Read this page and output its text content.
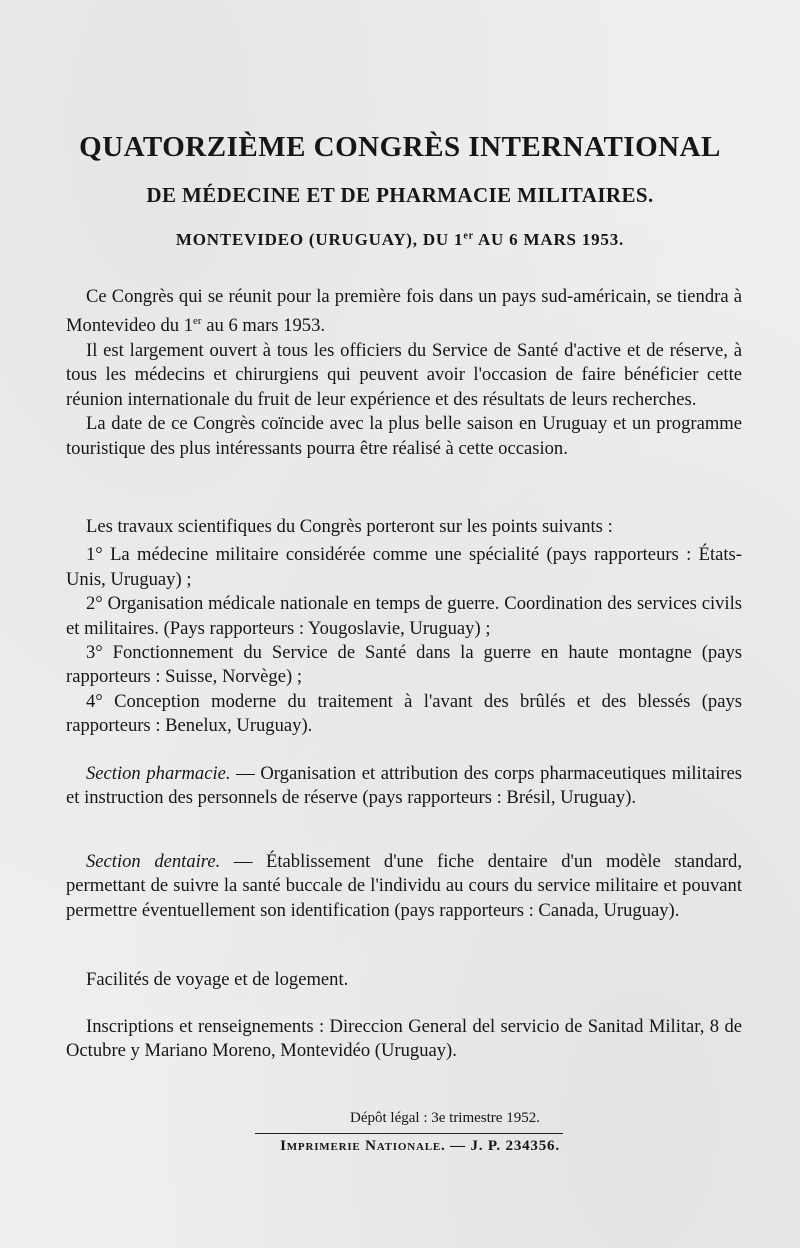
QUATORZIÈME CONGRÈS INTERNATIONAL
DE MÉDECINE ET DE PHARMACIE MILITAIRES.
MONTEVIDEO (URUGUAY), DU 1er AU 6 MARS 1953.

Ce Congrès qui se réunit pour la première fois dans un pays sud-américain, se tiendra à Montevideo du 1er au 6 mars 1953.

Il est largement ouvert à tous les officiers du Service de Santé d'active et de réserve, à tous les médecins et chirurgiens qui peuvent avoir l'occasion de faire bénéficier cette réunion internationale du fruit de leur expérience et des résultats de leurs recherches.

La date de ce Congrès coïncide avec la plus belle saison en Uruguay et un programme touristique des plus intéressants pourra être réalisé à cette occasion.

Les travaux scientifiques du Congrès porteront sur les points suivants :

1° La médecine militaire considérée comme une spécialité (pays rapporteurs : États-Unis, Uruguay) ;

2° Organisation médicale nationale en temps de guerre. Coordination des services civils et militaires. (Pays rapporteurs : Yougoslavie, Uruguay) ;

3° Fonctionnement du Service de Santé dans la guerre en haute montagne (pays rapporteurs : Suisse, Norvège) ;

4° Conception moderne du traitement à l'avant des brûlés et des blessés (pays rapporteurs : Benelux, Uruguay).

Section pharmacie. — Organisation et attribution des corps pharmaceutiques militaires et instruction des personnels de réserve (pays rapporteurs : Brésil, Uruguay).

Section dentaire. — Établissement d'une fiche dentaire d'un modèle standard, permettant de suivre la santé buccale de l'individu au cours du service militaire et pouvant permettre éventuellement son identification (pays rapporteurs : Canada, Uruguay).

Facilités de voyage et de logement.

Inscriptions et renseignements : Direccion General del servicio de Sanitad Militar, 8 de Octubre y Mariano Moreno, Montevidéo (Uruguay).

Dépôt légal : 3e trimestre 1952.
Imprimerie Nationale. — J. P. 234356.
